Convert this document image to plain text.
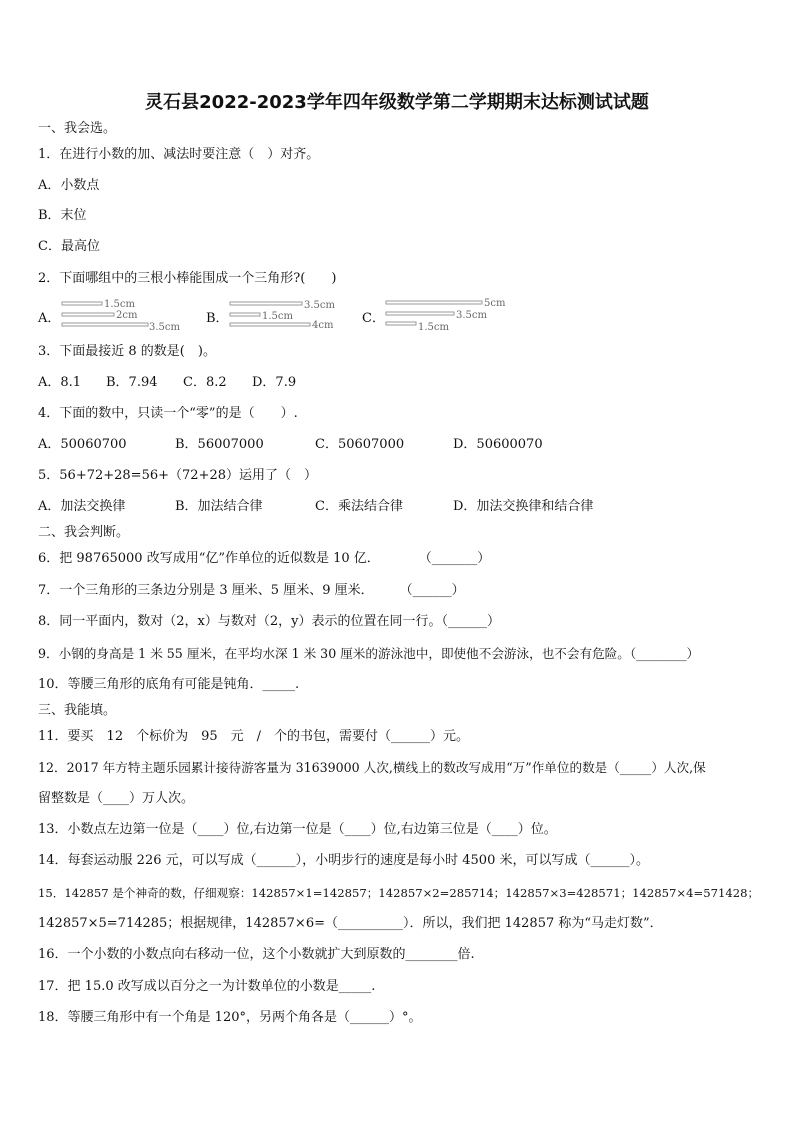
灵石县2022-2023学年四年级数学第二学期期末达标测试试题
一、我会选。
1．在进行小数的加、减法时要注意（　）对齐。
A．小数点
B．末位
C．最高位
2．下面哪组中的三根小棒能围成一个三角形?(　　)
A．	B．	C．
1.5cm
2cm
3.5cm
3.5cm
1.5cm
4cm
5cm
3.5cm
1.5cm
3．下面最接近 8 的数是(　)。
A．8.1 B．7.94 C．8.2 D．7.9
4．下面的数中，只读一个“零”的是（　　）.
A．50060700	B．56007000	C．50607000	D．50600070
5．56+72+28=56+（72+28）运用了（　）
A．加法交换律	B．加法结合律	C．乘法结合律	D．加法交换律和结合律
二、我会判断。
6．把 98765000 改写成用“亿”作单位的近似数是 10 亿．　　　　（_______）
7．一个三角形的三条边分别是 3 厘米、5 厘米、9 厘米．　　　（______）
8．同一平面内，数对（2，x）与数对（2，y）表示的位置在同一行。（______）
9．小钢的身高是 1 米 55 厘米，在平均水深 1 米 30 厘米的游泳池中，即使他不会游泳，也不会有危险。（________）
10．等腰三角形的底角有可能是钝角．_____.
三、我能填。
11．要买　12　个标价为　95　元　/　个的书包，需要付（______）元。
12．2017 年方特主题乐园累计接待游客量为 31639000 人次,横线上的数改写成用“万”作单位的数是（_____）人次,保
留整数是（____）万人次。
13．小数点左边第一位是（____）位,右边第一位是（____）位,右边第三位是（____）位。
14．每套运动服 226 元，可以写成（______），小明步行的速度是每小时 4500 米，可以写成（______）。
15．142857 是个神奇的数，仔细观察：142857×1=142857；142857×2=285714；142857×3=428571；142857×4=571428；
142857×5=714285；根据规律，142857×6=（__________）．所以，我们把 142857 称为“马走灯数”．
16．一个小数的小数点向右移动一位，这个小数就扩大到原数的________倍.
17．把 15.0 改写成以百分之一为计数单位的小数是_____.
18．等腰三角形中有一个角是 120°，另两个角各是（______）°。
